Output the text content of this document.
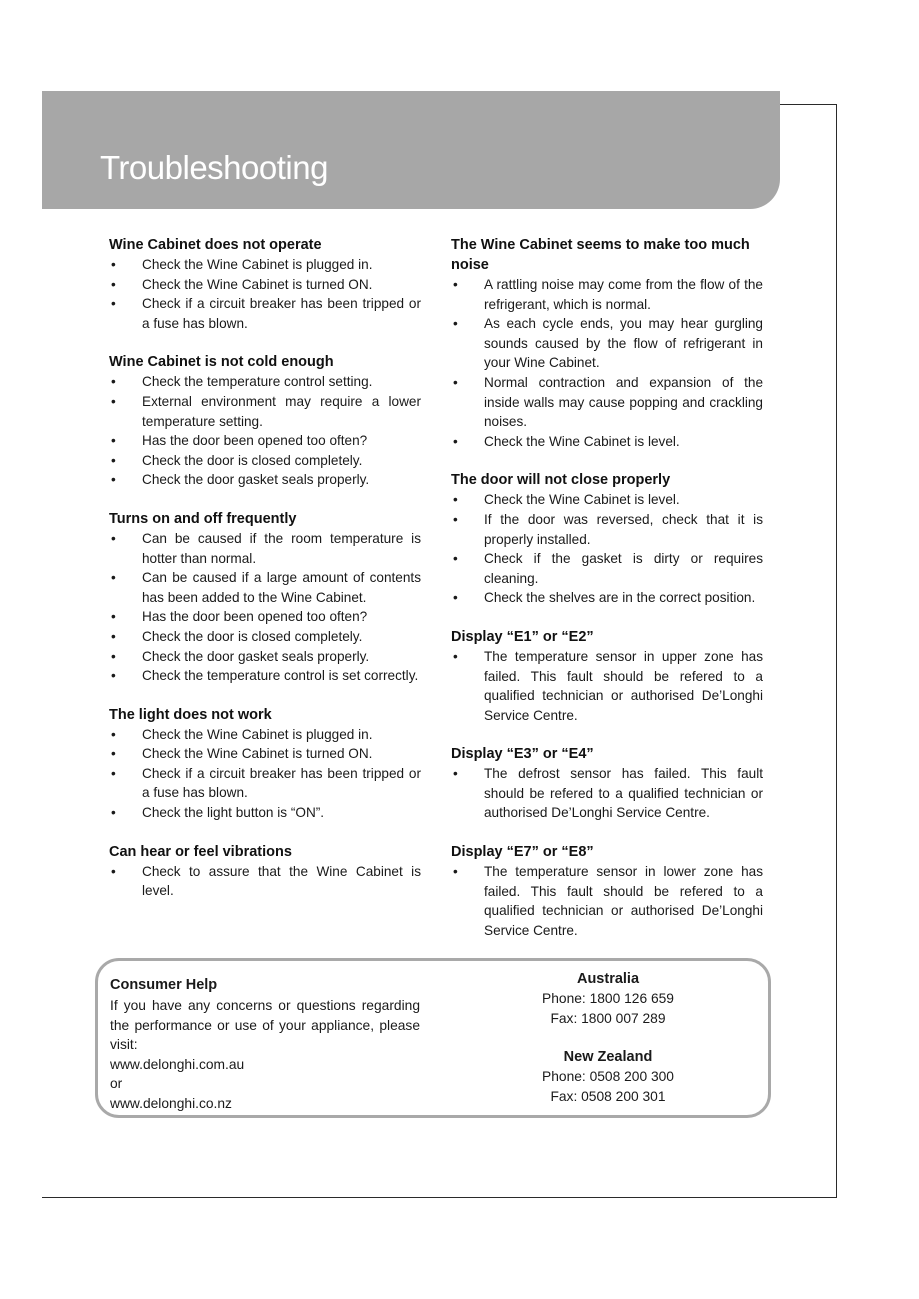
Troubleshooting
Wine Cabinet does not operate
• Check the Wine Cabinet is plugged in.
• Check the Wine Cabinet is turned ON.
• Check if a circuit breaker has been tripped or a fuse has blown.
Wine Cabinet is not cold enough
• Check the temperature control setting.
• External environment may require a lower temperature setting.
• Has the door been opened too often?
• Check the door is closed completely.
• Check the door gasket seals properly.
Turns on and off frequently
• Can be caused if the room temperature is hotter than normal.
• Can be caused if a large amount of contents has been added to the Wine Cabinet.
• Has the door been opened too often?
• Check the door is closed completely.
• Check the door gasket seals properly.
• Check the temperature control is set correctly.
The light does not work
• Check the Wine Cabinet is plugged in.
• Check the Wine Cabinet is turned ON.
• Check if a circuit breaker has been tripped or a fuse has blown.
• Check the light button is “ON”.
Can hear or feel vibrations
• Check to assure that the Wine Cabinet is level.
The Wine Cabinet seems to make too much noise
• A rattling noise may come from the flow of the refrigerant, which is normal.
• As each cycle ends, you may hear gurgling sounds caused by the flow of refrigerant in your Wine Cabinet.
• Normal contraction and expansion of the inside walls may cause popping and crackling noises.
• Check the Wine Cabinet is level.
The door will not close properly
• Check the Wine Cabinet is level.
• If the door was reversed, check that it is properly installed.
• Check if the gasket is dirty or requires cleaning.
• Check the shelves are in the correct position.
Display “E1” or “E2”
• The temperature sensor in upper zone has failed. This fault should be refered to a qualified technician or authorised De’Longhi Service Centre.
Display “E3” or “E4”
• The defrost sensor has failed. This fault should be refered to a qualified technician or authorised De’Longhi Service Centre.
Display “E7” or “E8”
• The temperature sensor in lower zone has failed. This fault should be refered to a qualified technician or authorised De’Longhi Service Centre.
Consumer Help

If you have any concerns or questions regarding the performance or use of your appliance, please visit:

www.delonghi.com.au

or

www.delonghi.co.nz

Australia

Phone: 1800 126 659

Fax: 1800 007 289

New Zealand

Phone: 0508 200 300

Fax: 0508 200 301
